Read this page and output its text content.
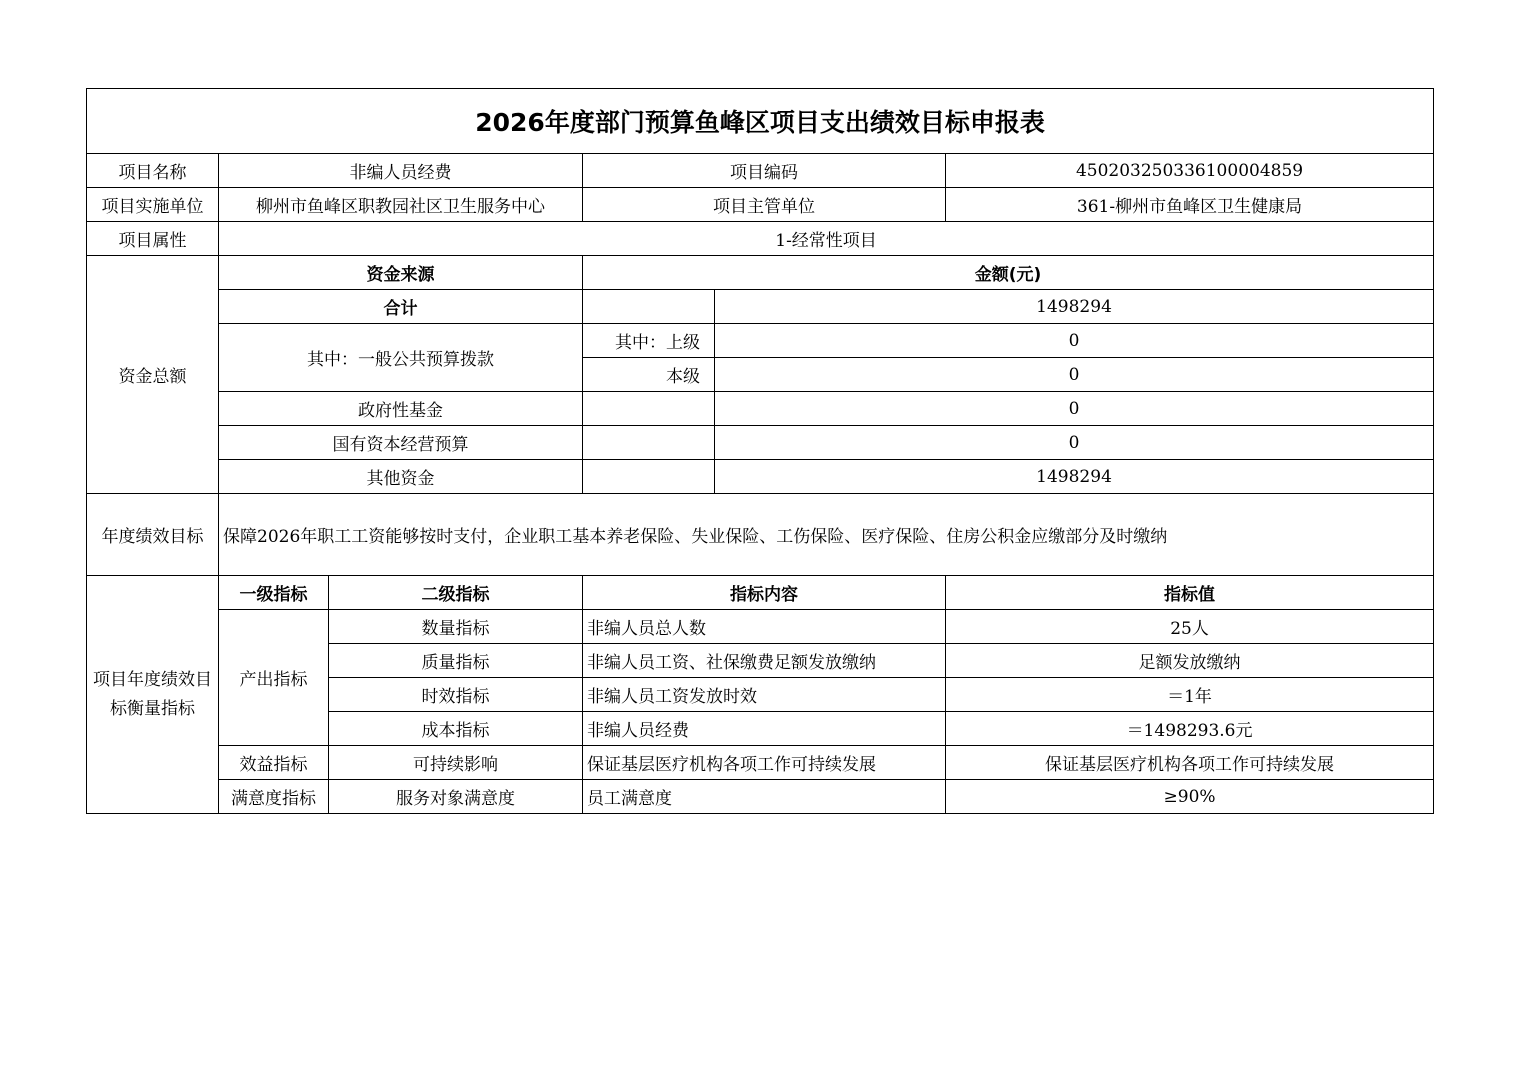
2026年度部门预算鱼峰区项目支出绩效目标申报表					
项目名称	非编人员经费		项目编码		450203250336100004859
项目实施单位	柳州市鱼峰区职教园社区卫生服务中心		项目主管单位		361-柳州市鱼峰区卫生健康局
项目属性	1-经常性项目				
资金总额	资金来源		金额(元)		
	合计			1498294	
	其中：一般公共预算拨款		其中：上级	0	
			本级	0	
	政府性基金			0	
	国有资本经营预算			0	
	其他资金			1498294	
年度绩效目标	保障2026年职工工资能够按时支付，企业职工基本养老保险、失业保险、工伤保险、医疗保险、住房公积金应缴部分及时缴纳				
项目年度绩效目标衡量指标	一级指标	二级指标	指标内容		指标值
	产出指标	数量指标	非编人员总人数		25人
		质量指标	非编人员工资、社保缴费足额发放缴纳		足额发放缴纳
		时效指标	非编人员工资发放时效		＝1年
		成本指标	非编人员经费		＝1498293.6元
	效益指标	可持续影响	保证基层医疗机构各项工作可持续发展		保证基层医疗机构各项工作可持续发展
	满意度指标	服务对象满意度	员工满意度		≥90%
